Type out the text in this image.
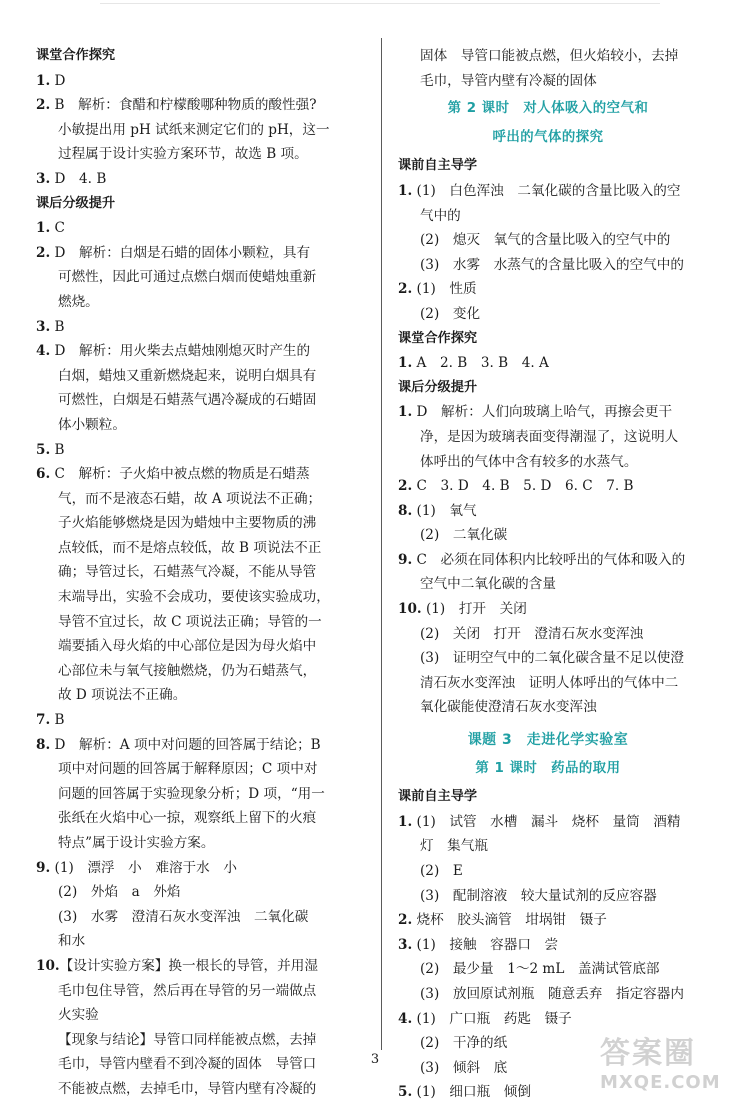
课堂合作探究
1. D
2. B　解析：食醋和柠檬酸哪种物质的酸性强?
小敏提出用 pH 试纸来测定它们的 pH，这一
过程属于设计实验方案环节，故选 B 项。
3. D　4. B
课后分级提升
1. C
2. D　解析：白烟是石蜡的固体小颗粒，具有
可燃性，因此可通过点燃白烟而使蜡烛重新
燃烧。
3. B
4. D　解析：用火柴去点蜡烛刚熄灭时产生的
白烟，蜡烛又重新燃烧起来，说明白烟具有
可燃性，白烟是石蜡蒸气遇冷凝成的石蜡固
体小颗粒。
5. B
6. C　解析：子火焰中被点燃的物质是石蜡蒸
气，而不是液态石蜡，故 A 项说法不正确；
子火焰能够燃烧是因为蜡烛中主要物质的沸
点较低，而不是熔点较低，故 B 项说法不正
确；导管过长，石蜡蒸气冷凝，不能从导管
末端导出，实验不会成功，要使该实验成功，
导管不宜过长，故 C 项说法正确；导管的一
端要插入母火焰的中心部位是因为母火焰中
心部位未与氧气接触燃烧，仍为石蜡蒸气，
故 D 项说法不正确。
7. B
8. D　解析：A 项中对问题的回答属于结论；B
项中对问题的回答属于解释原因；C 项中对
问题的回答属于实验现象分析；D 项，“用一
张纸在火焰中心一掠，观察纸上留下的火痕
特点”属于设计实验方案。
9. (1)　漂浮　小　难溶于水　小
(2)　外焰　a　外焰
(3)　水雾　澄清石灰水变浑浊　二氧化碳
和水
10. 【设计实验方案】换一根长的导管，并用湿
毛巾包住导管，然后再在导管的另一端做点
火实验
【现象与结论】导管口同样能被点燃，去掉
毛巾，导管内壁看不到冷凝的固体　导管口
不能被点燃，去掉毛巾，导管内壁有冷凝的
固体　导管口能被点燃，但火焰较小，去掉
毛巾，导管内壁有冷凝的固体
第 2 课时　对人体吸入的空气和
呼出的气体的探究
课前自主导学
1. (1)　白色浑浊　二氧化碳的含量比吸入的空
气中的
(2)　熄灭　氧气的含量比吸入的空气中的
(3)　水雾　水蒸气的含量比吸入的空气中的
2. (1)　性质
(2)　变化
课堂合作探究
1. A　2. B　3. B　4. A
课后分级提升
1. D　解析：人们向玻璃上哈气，再擦会更干
净，是因为玻璃表面变得潮湿了，这说明人
体呼出的气体中含有较多的水蒸气。
2. C　3. D　4. B　5. D　6. C　7. B
8. (1)　氧气
(2)　二氧化碳
9. C　必须在同体积内比较呼出的气体和吸入的
空气中二氧化碳的含量
10. (1)　打开　关闭
(2)　关闭　打开　澄清石灰水变浑浊
(3)　证明空气中的二氧化碳含量不足以使澄
清石灰水变浑浊　证明人体呼出的气体中二
氧化碳能使澄清石灰水变浑浊
课题 3　走进化学实验室
第 1 课时　药品的取用
课前自主导学
1. (1)　试管　水槽　漏斗　烧杯　量筒　酒精
灯　集气瓶
(2)　E
(3)　配制溶液　较大量试剂的反应容器
2. 烧杯　胶头滴管　坩埚钳　镊子
3. (1)　接触　容器口　尝
(2)　最少量　1～2 mL　盖满试管底部
(3)　放回原试剂瓶　随意丢弃　指定容器内
4. (1)　广口瓶　药匙　镊子
(2)　干净的纸
(3)　倾斜　底
5. (1)　细口瓶　倾倒
3	答案圈
MXQE.COM
